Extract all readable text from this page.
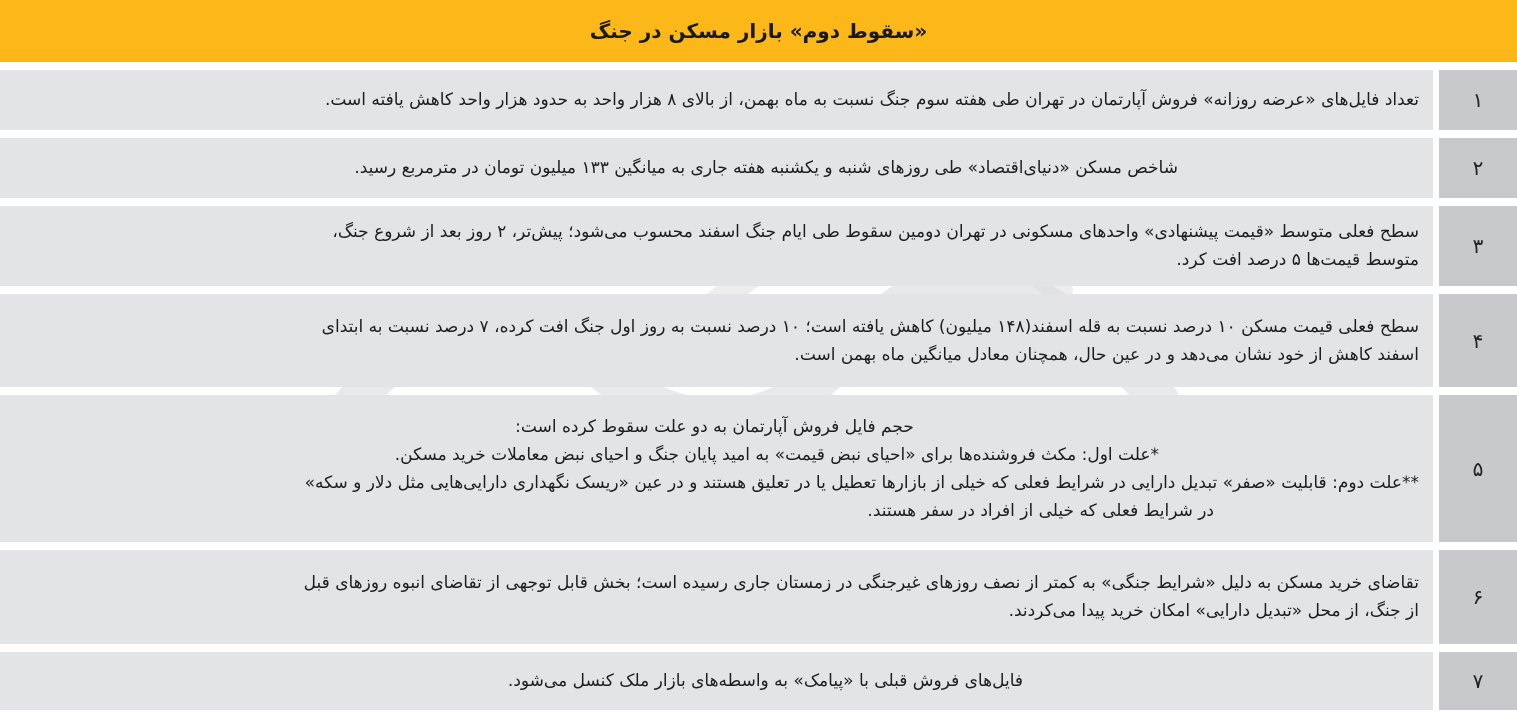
«سقوط دوم» بازار مسکن در جنگ
۱
تعداد فایل‌های «عرضه روزانه» فروش آپارتمان در تهران طی هفته سوم جنگ نسبت به ماه بهمن، از بالای ۸ هزار واحد به حدود هزار واحد کاهش یافته است.
۲
شاخص مسکن «دنیای‌اقتصاد» طی روزهای شنبه و یکشنبه هفته جاری به میانگین ۱۳۳ میلیون تومان در مترمربع رسید.
۳
سطح فعلی متوسط «قیمت پیشنهادی» واحدهای مسکونی در تهران دومین سقوط طی ایام جنگ اسفند محسوب می‌شود؛ پیش‌تر، ۲ روز بعد از شروع جنگ،
متوسط قیمت‌ها ۵ درصد افت کرد.
۴
سطح فعلی قیمت مسکن ۱۰ درصد نسبت به قله اسفند(۱۴۸ میلیون) کاهش یافته است؛ ۱۰ درصد نسبت به روز اول جنگ افت کرده، ۷ درصد نسبت به ابتدای
اسفند کاهش از خود نشان می‌دهد و در عین حال، همچنان معادل میانگین ماه بهمن است.
۵
حجم فایل فروش آپارتمان به دو علت سقوط کرده است:
*علت اول: مکث فروشنده‌ها برای «احیای نبض قیمت» به امید پایان جنگ و احیای نبض معاملات خرید مسکن.
**علت دوم: قابلیت «صفر» تبدیل دارایی در شرایط فعلی که خیلی از بازارها تعطیل یا در تعلیق هستند و در عین «ریسک نگهداری دارایی‌هایی مثل دلار و سکه»
در شرایط فعلی که خیلی از افراد در سفر هستند.
۶
تقاضای خرید مسکن به دلیل «شرایط جنگی» به کمتر از نصف روزهای غیرجنگی در زمستان جاری رسیده است؛ بخش قابل توجهی از تقاضای انبوه روزهای قبل
از جنگ، از محل «تبدیل دارایی» امکان خرید پیدا می‌کردند.
۷
فایل‌های فروش قبلی با «پیامک» به واسطه‌های بازار ملک کنسل می‌شود.
